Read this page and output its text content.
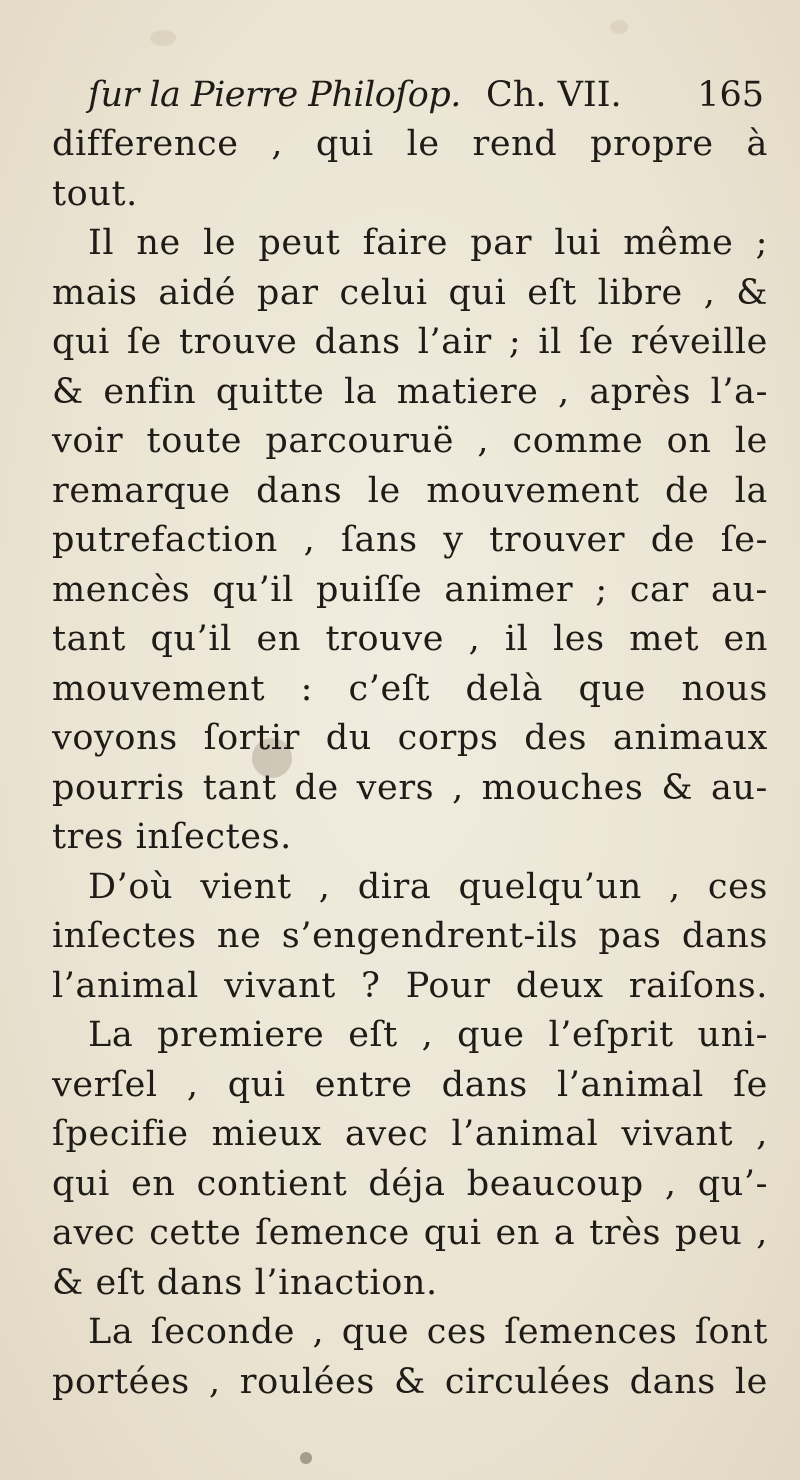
ſur la Pierre Philoſop. Ch. VII. 165
difference , qui le rend propre à
tout.
Il ne le peut faire par lui même ;
mais aidé par celui qui eſt libre , &
qui ſe trouve dans l’air ; il ſe réveille
& enfin quitte la matiere , après l’a-
voir toute parcouruë , comme on le
remarque dans le mouvement de la
putrefaction , ſans y trouver de ſe-
mencès qu’il puiſſe animer ; car au-
tant qu’il en trouve , il les met en
mouvement : c’eſt delà que nous
voyons ſortir du corps des animaux
pourris tant de vers , mouches & au-
tres inſectes.
D’où vient , dira quelqu’un , ces
inſectes ne s’engendrent-ils pas dans
l’animal vivant ? Pour deux raiſons.
La premiere eſt , que l’eſprit uni-
verſel , qui entre dans l’animal ſe
ſpecifie mieux avec l’animal vivant ,
qui en contient déja beaucoup , qu’-
avec cette ſemence qui en a très peu ,
& eſt dans l’inaction.
La ſeconde , que ces ſemences ſont
portées , roulées & circulées dans le
